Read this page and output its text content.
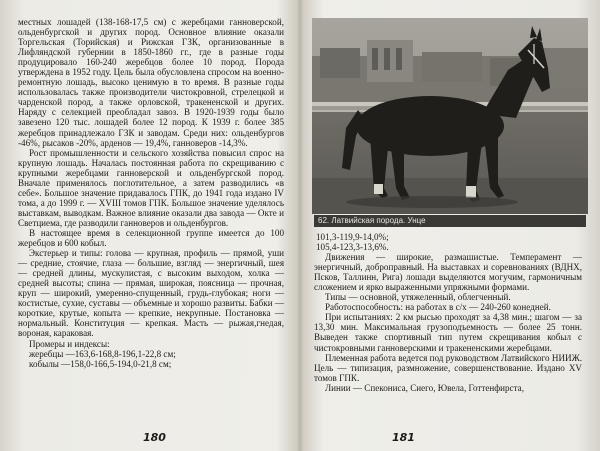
местных лошадей (138-168-17,5 см) с жеребцами ганноверской, ольденбургской и других пород. Основное влияние оказали Торгельская (Торийская) и Рижская ГЗК, организованные в Лифляндской губернии в 1850-1860 гг., где в разные годы продуцировало 160-240 жеребцов более 10 пород. Порода утверждена в 1952 году. Цель была обусловлена спросом на военно-ремонтную лошадь, высоко ценимую в то время. В разные годы использовалась также производители чистокровной, стрелецкой и чарденской пород, а также орловской, тракененской и других. Наряду с селекцией преобладал завоз. В 1920-1939 годы было завезено 120 тыс. лошадей более 12 пород. К 1939 г. более 385 жеребцов принадлежало ГЗК и заводам. Среди них: ольденбургов -46%, рысаков -20%, арденов — 19,4%, ганноверов -14,3%.

Рост промышленности и сельского хозяйства повысил спрос на крупную лошадь. Началась постоянная работа по скрещиванию с крупными жеребцами ганноверской и ольденбургской пород. Вначале применялось поглотительное, а затем разводились «в себе». Большое значение придавалось ГПК, до 1941 года издано IV тома, а до 1999 г. — XVIII томов ГПК. Большое значение уделялось выставкам, выводкам. Важное влияние оказали два завода — Окте и Светциема, где разводили ганноверов и ольденбургов.

В настоящее время в селекционной группе имеется до 100 жеребцов и 600 кобыл.

Экстерьер и типы: голова — крупная, профиль — прямой, уши — средние, стоячие, глаза — большие, взгляд — энергичный, шея — средней длины, мускулистая, с высоким выходом, холка — средней высоты; спина — прямая, широкая, поясница — прочная, круп — широкий, умеренно-спущенный, грудь-глубокая; ноги — костистые, сухие, суставы — объемные и хорошо развиты. Бабки — короткие, крутые, копыта — крепкие, некрупные. Постановка — нормальный. Конституция — крепкая. Масть — рыжая,гнедая, вороная, караковая.

Промеры и индексы:

жеребцы —163,6-168,8-196,1-22,8 см;

кобылы —158,0-166,5-194,0-21,8 см;

180
62. Латвийская порода. Унце

101,3-119,9-14,0%;

105,4-123,3-13,6%.

Движения — широкие, размашистые. Темперамент — энергичный, доброправный. На выставках и соревнованиях (ВДНХ, Псков, Таллинн, Рига) лошади выделяются могучим, гармоничным сложением и ярко выраженными упряжными формами.

Типы — основной, утяжеленный, облегченный.

Работоспособность: на работах в с/х — 240-260 конедней.

При испытаниях: 2 км рысью проходят за 4,38 мин.; шагом — за 13,30 мин. Максимальная грузоподъемность — более 25 тонн. Выведен также спортивный тип путем скрещивания кобыл с чистокровными ганноверскими и тракененскими жеребцами.

Племенная работа ведется под руководством Латвийского НИИЖ. Цель — типизация, размножение, совершенствование. Издано XV томов ГПК.

Линии — Спекониса, Сиего, Ювела, Готтенфирста,

181
